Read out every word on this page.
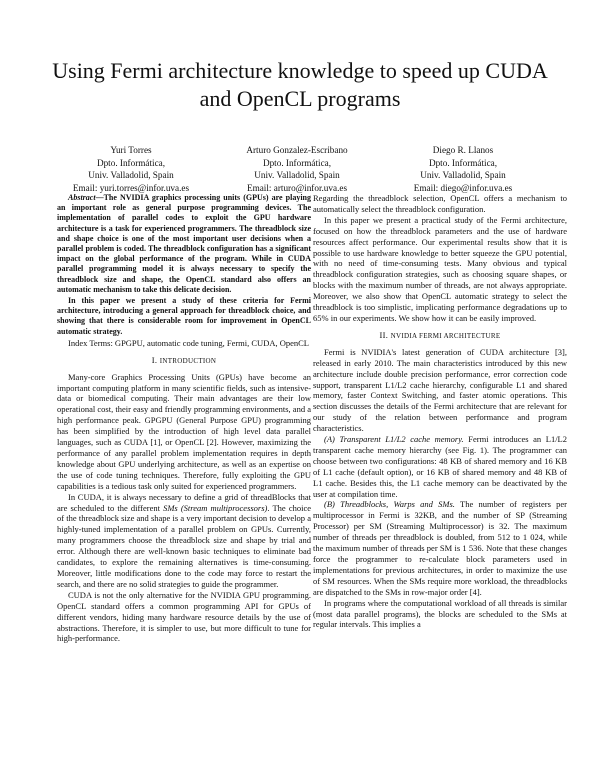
Using Fermi architecture knowledge to speed up CUDA and OpenCL programs
Yuri Torres
Dpto. Informática,
Univ. Valladolid, Spain
Email: yuri.torres@infor.uva.es
Arturo Gonzalez-Escribano
Dpto. Informática,
Univ. Valladolid, Spain
Email: arturo@infor.uva.es
Diego R. Llanos
Dpto. Informática,
Univ. Valladolid, Spain
Email: diego@infor.uva.es

Abstract—The NVIDIA graphics processing units (GPUs) are playing an important role as general purpose programming devices. The implementation of parallel codes to exploit the GPU hardware architecture is a task for experienced programmers. The threadblock size and shape choice is one of the most important user decisions when a parallel problem is coded. The threadblock configuration has a significant impact on the global performance of the program. While in CUDA parallel programming model it is always necessary to specify the threadblock size and shape, the OpenCL standard also offers an automatic mechanism to take this delicate decision.

In this paper we present a study of these criteria for Fermi architecture, introducing a general approach for threadblock choice, and showing that there is considerable room for improvement in OpenCL automatic strategy.

Index Terms: GPGPU, automatic code tuning, Fermi, CUDA, OpenCL

I. INTRODUCTION

Many-core Graphics Processing Units (GPUs) have become an important computing platform in many scientific fields, such as intensive-data or biomedical computing. Their main advantages are their low operational cost, their easy and friendly programming environments, and a high performance peak. GPGPU (General Purpose GPU) programming has been simplified by the introduction of high level data parallel languages, such as CUDA [1], or OpenCL [2]. However, maximizing the performance of any parallel problem implementation requires in depth knowledge about GPU underlying architecture, as well as an expertise on the use of code tuning techniques. Therefore, fully exploiting the GPU capabilities is a tedious task only suited for experienced programmers.

In CUDA, it is always necessary to define a grid of threadBlocks that are scheduled to the different SMs (Stream multiprocessors). The choice of the threadblock size and shape is a very important decision to develop a highly-tuned implementation of a parallel problem on GPUs. Currently, many programmers choose the threadblock size and shape by trial and error. Although there are well-known basic techniques to eliminate bad candidates, to explore the remaining alternatives is time-consuming. Moreover, little modifications done to the code may force to restart the search, and there are no solid strategies to guide the programmer.

CUDA is not the only alternative for the NVIDIA GPU programming. OpenCL standard offers a common programming API for GPUs of different vendors, hiding many hardware resource details by the use of abstractions. Therefore, it is simpler to use, but more difficult to tune for high-performance.

Regarding the threadblock selection, OpenCL offers a mechanism to automatically select the threadblock configuration.

In this paper we present a practical study of the Fermi architecture, focused on how the threadblock parameters and the use of hardware resources affect performance. Our experimental results show that it is possible to use hardware knowledge to better squeeze the GPU potential, with no need of time-consuming tests. Many obvious and typical threadblock configuration strategies, such as choosing square shapes, or blocks with the maximum number of threads, are not always appropriate. Moreover, we also show that OpenCL automatic strategy to select the threadblock is too simplistic, implicating performance degradations up to 65% in our experiments. We show how it can be easily improved.

II. NVIDIA FERMI ARCHITECTURE

Fermi is NVIDIA's latest generation of CUDA architecture [3], released in early 2010. The main characteristics introduced by this new architecture include double precision performance, error correction code support, transparent L1/L2 cache hierarchy, configurable L1 and shared memory, faster Context Switching, and faster atomic operations. This section discusses the details of the Fermi architecture that are relevant for our study of the relation between performance and program characteristics.

(A) Transparent L1/L2 cache memory. Fermi introduces an L1/L2 transparent cache memory hierarchy (see Fig. 1). The programmer can choose between two configurations: 48 KB of shared memory and 16 KB of L1 cache (default option), or 16 KB of shared memory and 48 KB of L1 cache. Besides this, the L1 cache memory can be deactivated by the user at compilation time.

(B) Threadblocks, Warps and SMs. The number of registers per multiprocessor in Fermi is 32KB, and the number of SP (Streaming Processor) per SM (Streaming Multiprocessor) is 32. The maximum number of threads per threadblock is doubled, from 512 to 1 024, while the maximum number of threads per SM is 1 536. Note that these changes force the programmer to re-calculate block parameters used in implementations for previous architectures, in order to maximize the use of SM resources. When the SMs require more workload, the threadblocks are dispatched to the SMs in row-major order [4].

In programs where the computational workload of all threads is similar (most data parallel programs), the blocks are scheduled to the SMs at regular intervals. This implies a
